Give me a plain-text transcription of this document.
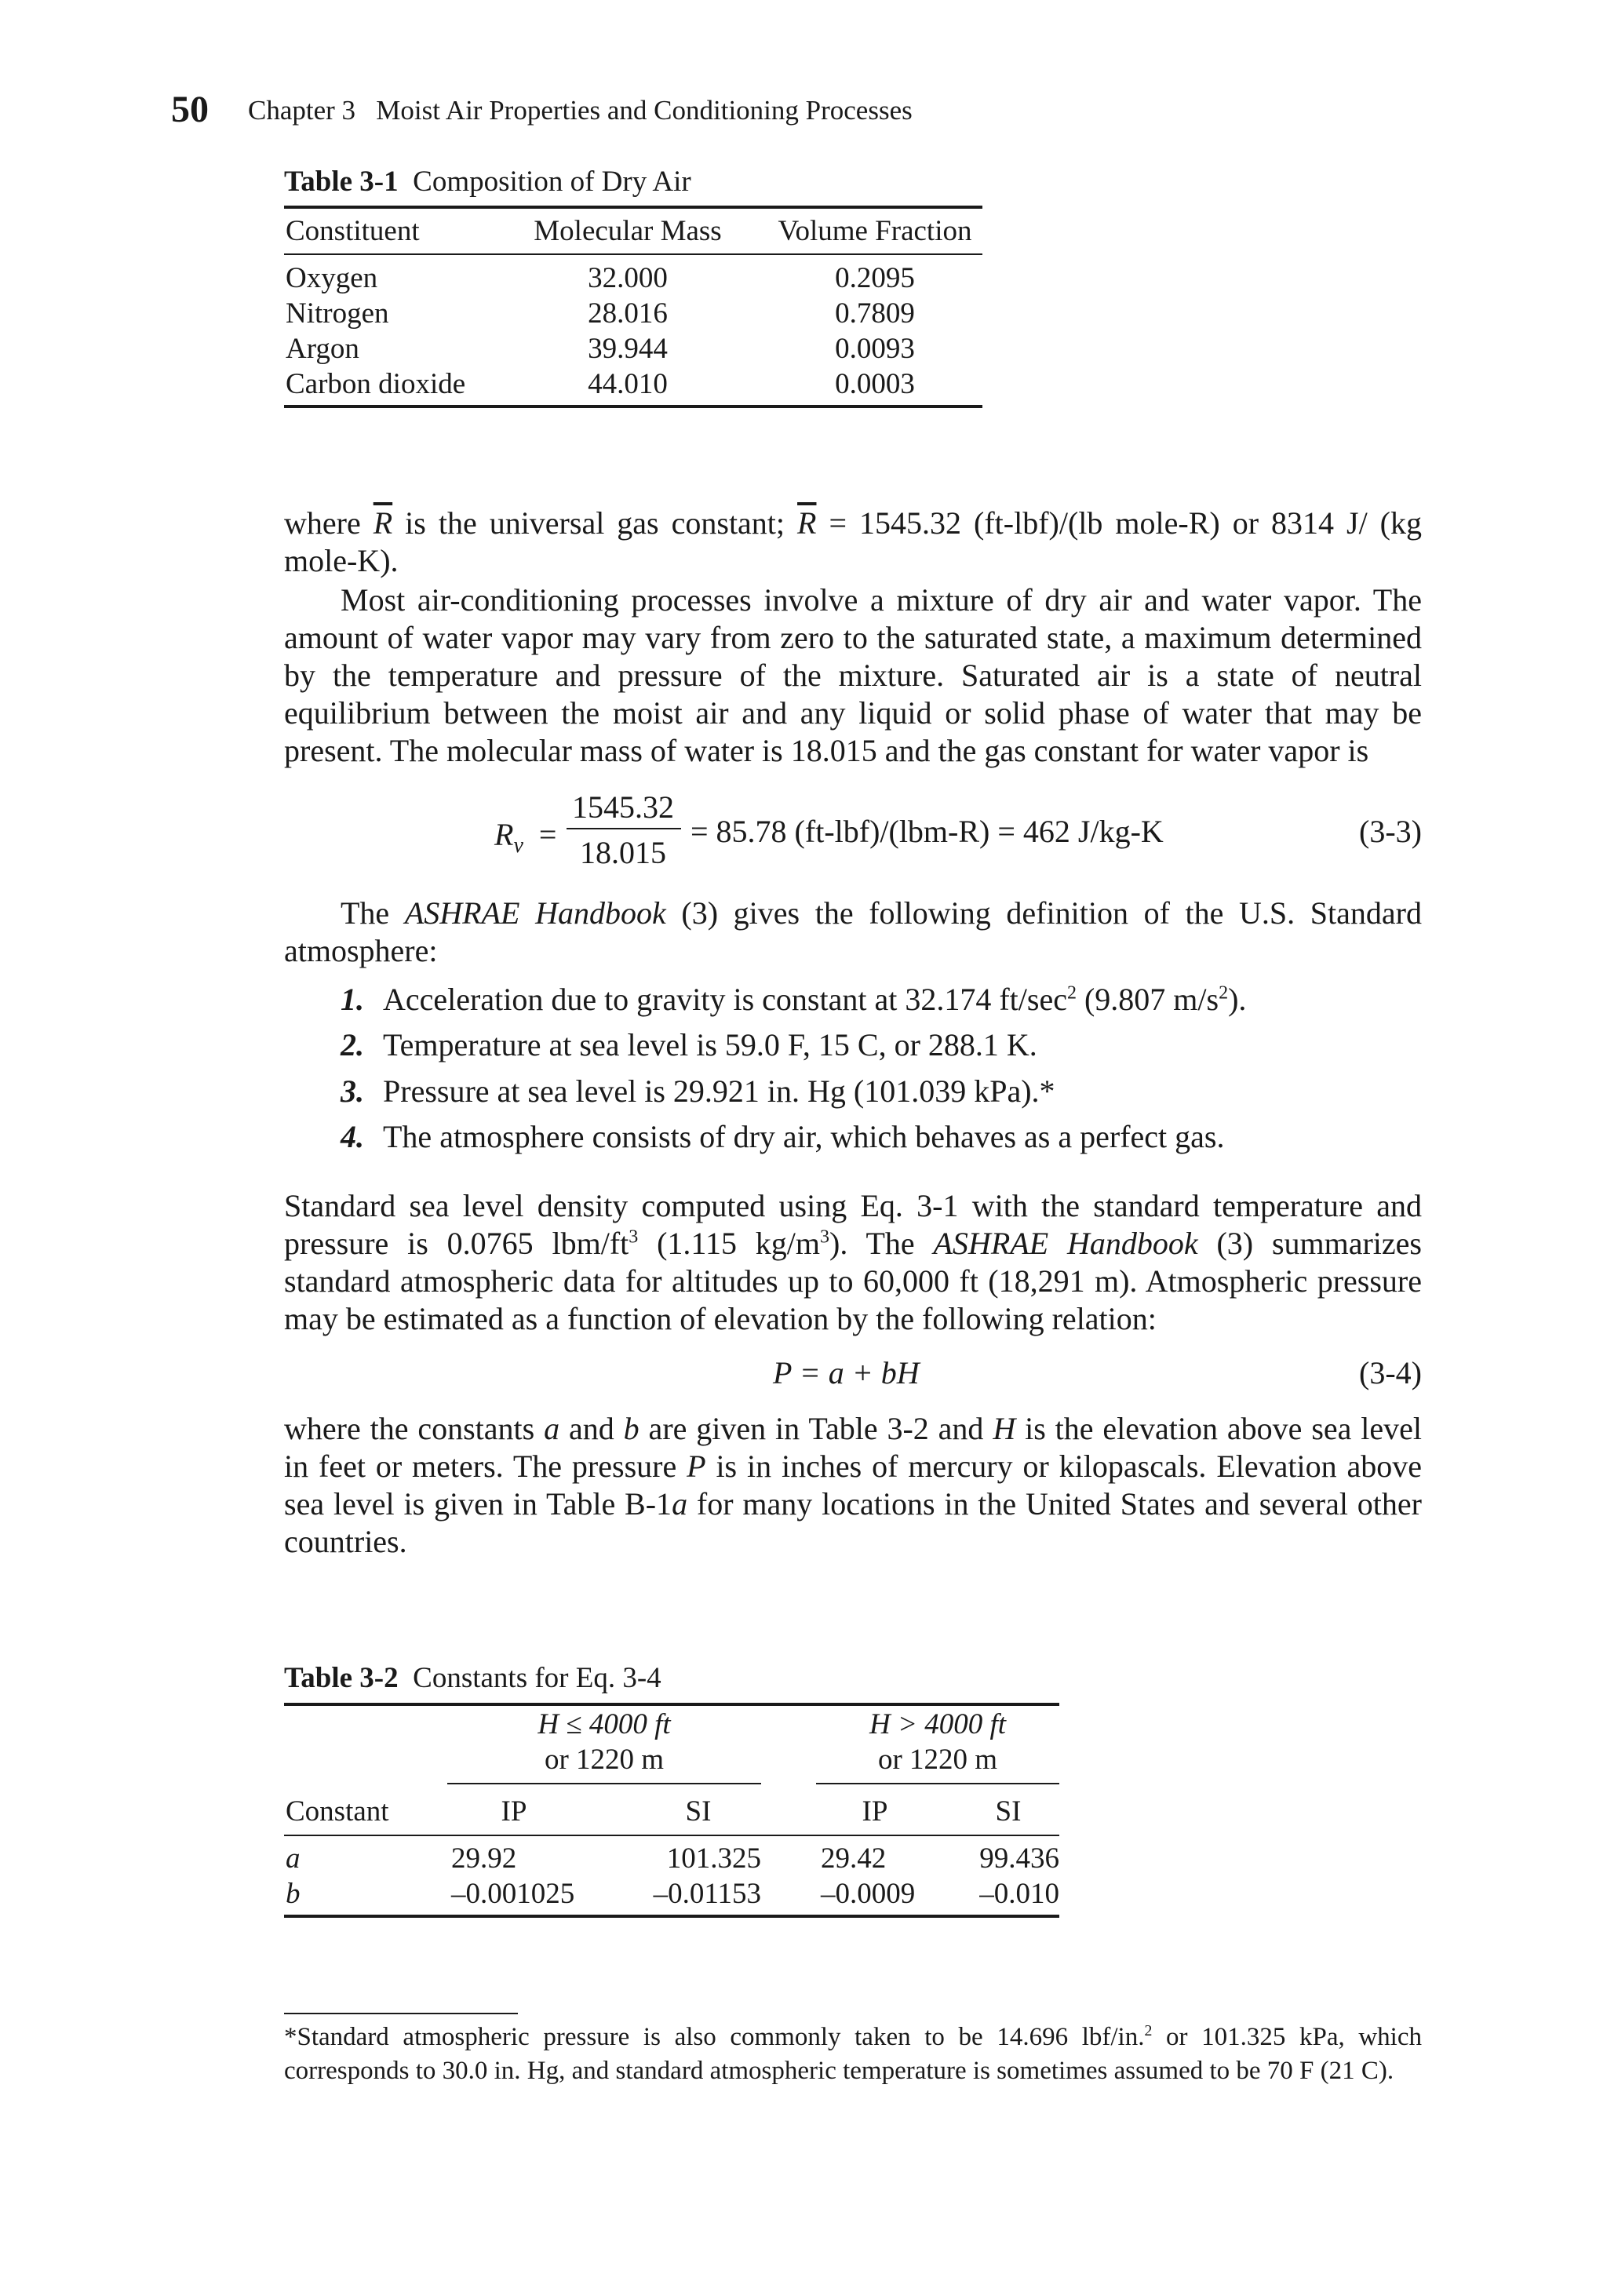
50 Chapter 3   Moist Air Properties and Conditioning Processes
Table 3-1 Composition of Dry Air
Constituent	Molecular Mass	Volume Fraction
Oxygen	32.000	0.2095
Nitrogen	28.016	0.7809
Argon	39.944	0.0093
Carbon dioxide	44.010	0.0003
where $\overline{R}$ is the universal gas constant; $\overline{R} = 1545.32$ (ft-lbf)/(lb mole-R) or 8314 J/ (kg mole-K).
Most air-conditioning processes involve a mixture of dry air and water vapor. The amount of water vapor may vary from zero to the saturated state, a maximum determined by the temperature and pressure of the mixture. Saturated air is a state of neutral equilibrium between the moist air and any liquid or solid phase of water that may be present. The molecular mass of water is 18.015 and the gas constant for water vapor is
$R_v$ =
1545.32
18.015
= 85.78 (ft-lbf)/(lbm-R) = 462 J/kg-K	(3-3)
The ASHRAE Handbook (3) gives the following definition of the U.S. Standard atmosphere:
1. Acceleration due to gravity is constant at 32.174 $ft/\sec^2$ (9.807 $m/s^2$).
2. Temperature at sea level is 59.0 F, 15 C, or 288.1 K.
3. Pressure at sea level is 29.921 in. Hg (101.039 kPa).*
4. The atmosphere consists of dry air, which behaves as a perfect gas.
Standard sea level density computed using Eq. 3-1 with the standard temperature and pressure is 0.0765 lbm/$ft^3$ (1.115 $kg/m^3$). The ASHRAE Handbook (3) summarizes standard atmospheric data for altitudes up to 60,000 ft (18,291 m). Atmospheric pressure may be estimated as a function of elevation by the following relation:
P = a + bH	(3-4)
where the constants a and b are given in Table 3-2 and H is the elevation above sea level in feet or meters. The pressure P is in inches of mercury or kilopascals. Elevation above sea level is given in Table B-1a for many locations in the United States and several other countries.
Table 3-2 Constants for Eq. 3-4
H ≤ 4000 ft
or 1220 m
H > 4000 ft
or 1220 m
Constant	IP	SI	IP	SI
a	29.92	101.325 29.42	99.436
b	–0.001025	–0.01153 –0.0009	–0.010
*Standard atmospheric pressure is also commonly taken to be 14.696 lbf/in.$^2$ or 101.325 kPa, which corresponds to 30.0 in. Hg, and standard atmospheric temperature is sometimes assumed to be 70 F (21 C).
